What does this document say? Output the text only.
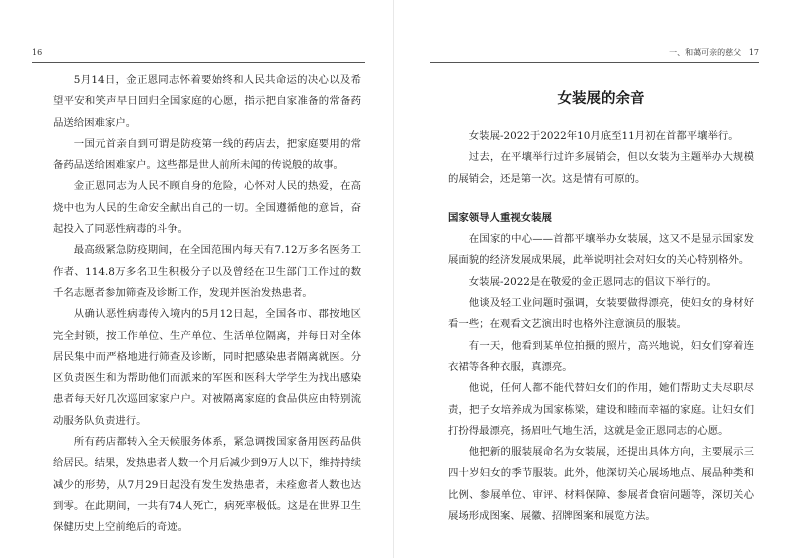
16

5月14日，金正恩同志怀着要始终和人民共命运的决心以及希望平安和笑声早日回归全国家庭的心愿，指示把自家准备的常备药品送给困难家户。

一国元首亲自到可谓是防疫第一线的药店去，把家庭要用的常备药品送给困难家户。这些都是世人前所未闻的传说般的故事。

金正恩同志为人民不顾自身的危险，心怀对人民的热爱，在高烧中也为人民的生命安全献出自己的一切。全国遵循他的意旨，奋起投入了同恶性病毒的斗争。

最高级紧急防疫期间，在全国范围内每天有7.12万多名医务工作者、114.8万多名卫生积极分子以及曾经在卫生部门工作过的数千名志愿者参加筛查及诊断工作，发现并医治发热患者。

从确认恶性病毒传入境内的5月12日起，全国各市、郡按地区完全封锁，按工作单位、生产单位、生活单位隔离，并每日对全体居民集中而严格地进行筛查及诊断，同时把感染患者隔离就医。分区负责医生和为帮助他们而派来的军医和医科大学学生为找出感染患者每天好几次巡回家家户户。对被隔离家庭的食品供应由特别流动服务队负责进行。

所有药店都转入全天候服务体系，紧急调拨国家备用医药品供给居民。结果，发热患者人数一个月后减少到9万人以下，维持持续减少的形势，从7月29日起没有发生发热患者，未痊愈者人数也达到零。在此期间，一共有74人死亡，病死率极低。这是在世界卫生保健历史上空前绝后的奇迹。

一、和蔼可亲的慈父 17
女装展的余音

女装展-2022于2022年10月底至11月初在首都平壤举行。

过去，在平壤举行过许多展销会，但以女装为主题举办大规模的展销会，还是第一次。这是情有可原的。

国家领导人重视女装展

在国家的中心——首都平壤举办女装展，这又不是显示国家发展面貌的经济发展成果展，此举说明社会对妇女的关心特别格外。

女装展-2022是在敬爱的金正恩同志的倡议下举行的。

他谈及轻工业问题时强调，女装要做得漂亮，使妇女的身材好看一些；在观看文艺演出时也格外注意演员的服装。

有一天，他看到某单位拍摄的照片，高兴地说，妇女们穿着连衣裙等各种衣服，真漂亮。

他说，任何人都不能代替妇女们的作用，她们帮助丈夫尽职尽责，把子女培养成为国家栋梁，建设和睦而幸福的家庭。让妇女们打扮得最漂亮，扬眉吐气地生活，这就是金正恩同志的心愿。

他把新的服装展命名为女装展，还提出具体方向，主要展示三四十岁妇女的季节服装。此外，他深切关心展场地点、展品种类和比例、参展单位、审评、材料保障、参展者食宿问题等，深切关心展场形成图案、展徽、招牌图案和展览方法。
